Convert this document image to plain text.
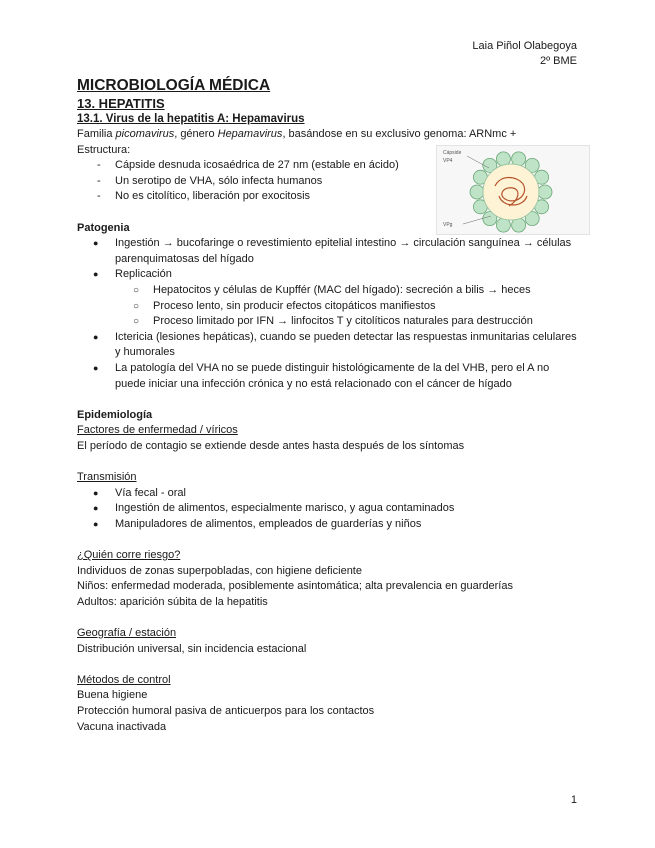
Laia Piñol Olabegoya
2º BME

MICROBIOLOGÍA MÉDICA

13. HEPATITIS

13.1. Virus de la hepatitis A: Hepamavirus

Familia picomavirus, género Hepamavirus, basándose en su exclusivo genoma: ARNmc +

Estructura:

- Cápside desnuda icosaédrica de 27 nm (estable en ácido)
- Un serotipo de VHA, sólo infecta humanos
- No es citolítico, liberación por exocitosis

Patogenia

● Ingestión → bucofaringe o revestimiento epitelial intestino → circulación sanguínea → células parenquimatosas del hígado
● Replicación
○ Hepatocitos y células de Kupffér (MAC del hígado): secreción a bilis → heces
○ Proceso lento, sin producir efectos citopáticos manifiestos
○ Proceso limitado por IFN → linfocitos T y citolíticos naturales para destrucción
● Ictericia (lesiones hepáticas), cuando se pueden detectar las respuestas inmunitarias celulares y humorales
● La patología del VHA no se puede distinguir histológicamente de la del VHB, pero el A no puede iniciar una infección crónica y no está relacionado con el cáncer de hígado

Epidemiología

Factores de enfermedad / víricos

El período de contagio se extiende desde antes hasta después de los síntomas

Transmisión

● Vía fecal - oral
● Ingestión de alimentos, especialmente marisco, y agua contaminados
● Manipuladores de alimentos, empleados de guarderías y niños

¿Quién corre riesgo?

Individuos de zonas superpobladas, con higiene deficiente

Niños: enfermedad moderada, posiblemente asintomática; alta prevalencia en guarderías

Adultos: aparición súbita de la hepatitis

Geografía / estación

Distribución universal, sin incidencia estacional

Métodos de control

Buena higiene

Protección humoral pasiva de anticuerpos para los contactos

Vacuna inactivada

Cápside
VP4
VPg
1
